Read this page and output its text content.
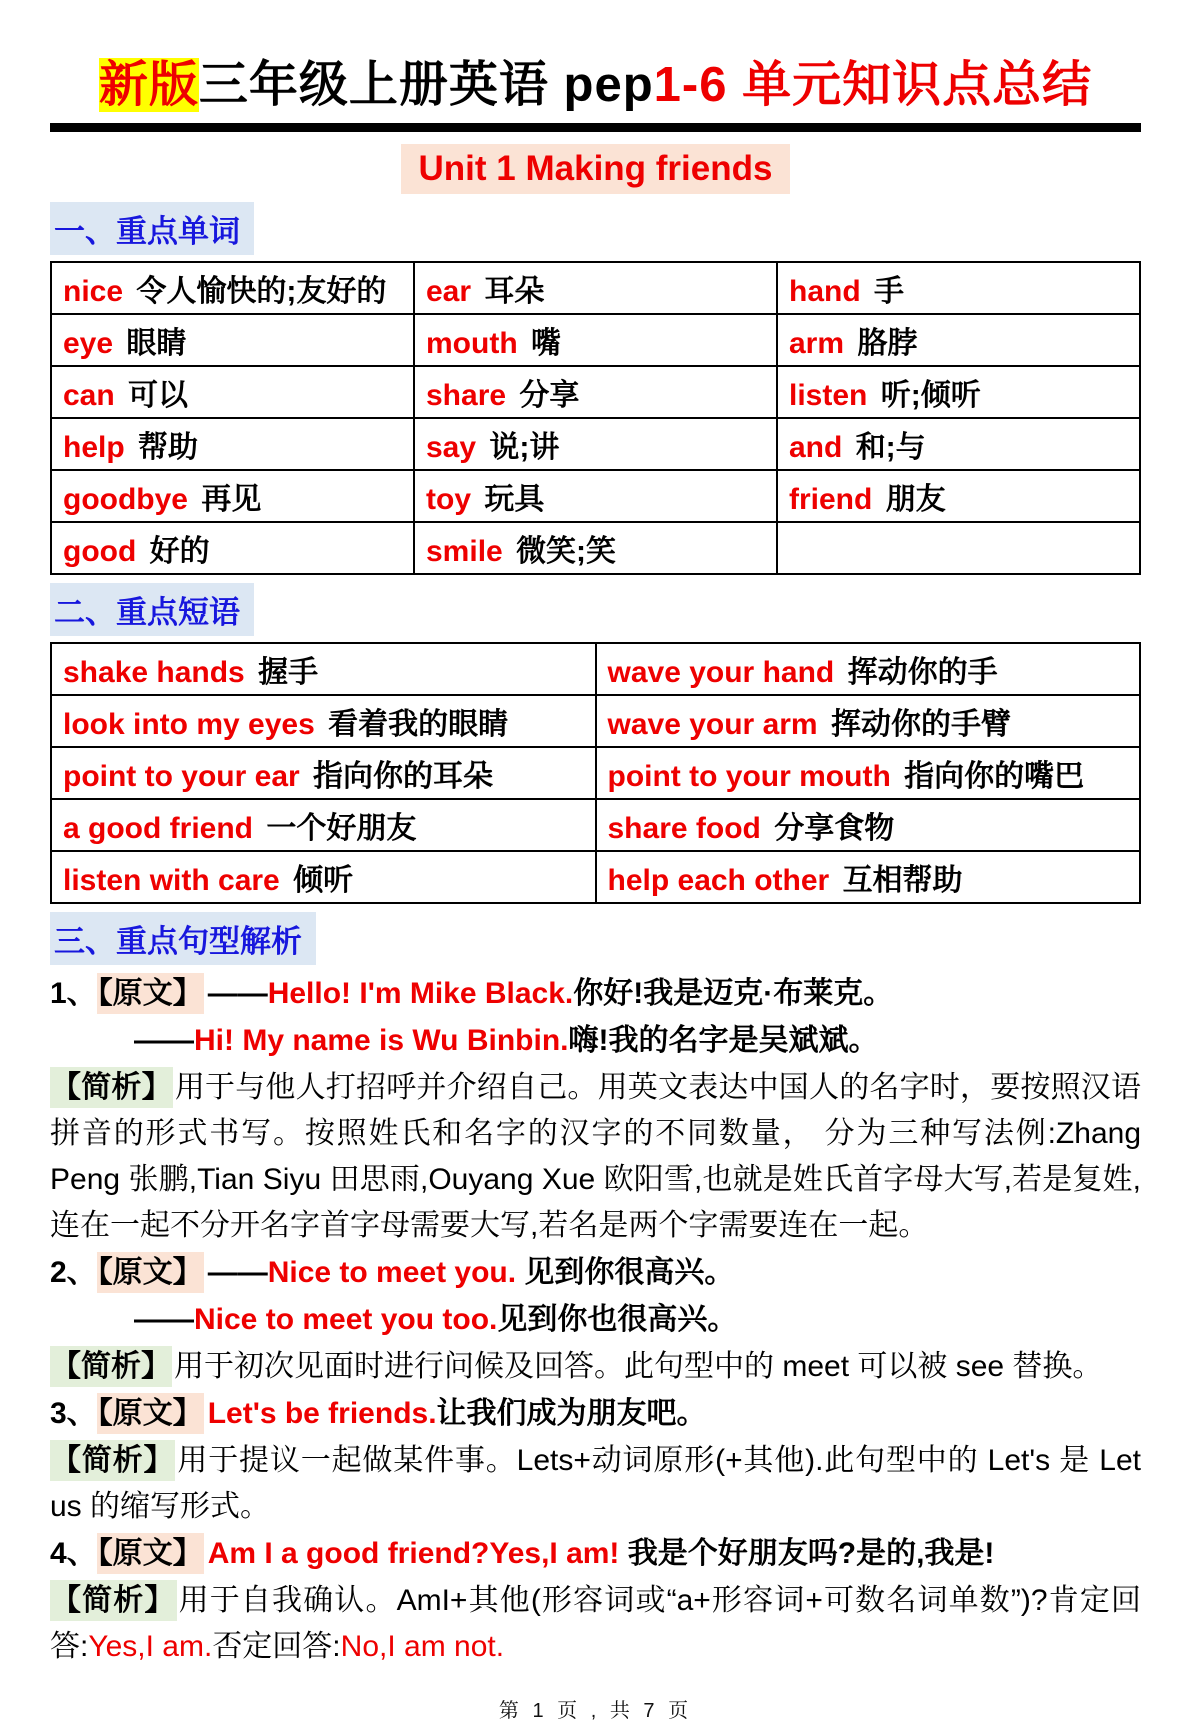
新版三年级上册英语 pep1-6 单元知识点总结
Unit 1 Making friends
一、重点单词
nice 令人愉快的;友好的	ear 耳朵	hand 手
eye 眼睛	mouth 嘴	arm 胳脖
can 可以	share 分享	listen 听;倾听
help 帮助	say 说;讲	and 和;与
goodbye 再见	toy 玩具	friend 朋友
good 好的	smile 微笑;笑	
二、重点短语
shake hands 握手	wave your hand 挥动你的手
look into my eyes 看着我的眼睛	wave your arm 挥动你的手臂
point to your ear 指向你的耳朵	point to your mouth 指向你的嘴巴
a good friend 一个好朋友	share food 分享食物
listen with care 倾听	help each other 互相帮助
三、重点句型解析
1、【原文】 ——Hello! I'm Mike Black.你好!我是迈克·布莱克。
——Hi! My name is Wu Binbin.嗨!我的名字是吴斌斌。
【简析】 用于与他人打招呼并介绍自己。用英文表达中国人的名字时，要按照汉语拼音的形式书写。按照姓氏和名字的汉字的不同数量， 分为三种写法例:Zhang Peng 张鹏,Tian Siyu 田思雨,Ouyang Xue 欧阳雪,也就是姓氏首字母大写,若是复姓,连在一起不分开名字首字母需要大写,若名是两个字需要连在一起。
2、【原文】 ——Nice to meet you. 见到你很高兴。
——Nice to meet you too.见到你也很高兴。
【简析】 用于初次见面时进行问候及回答。此句型中的 meet 可以被 see 替换。
3、【原文】 Let's be friends.让我们成为朋友吧。
【简析】 用于提议一起做某件事。Lets+动词原形(+其他).此句型中的 Let's 是 Let us 的缩写形式。
4、【原文】 Am I a good friend?Yes,I am! 我是个好朋友吗?是的,我是!
【简析】 用于自我确认。AmI+其他(形容词或“a+形容词+可数名词单数”)?肯定回答:Yes,I am.否定回答:No,I am not.
第 1 页 , 共 7 页
